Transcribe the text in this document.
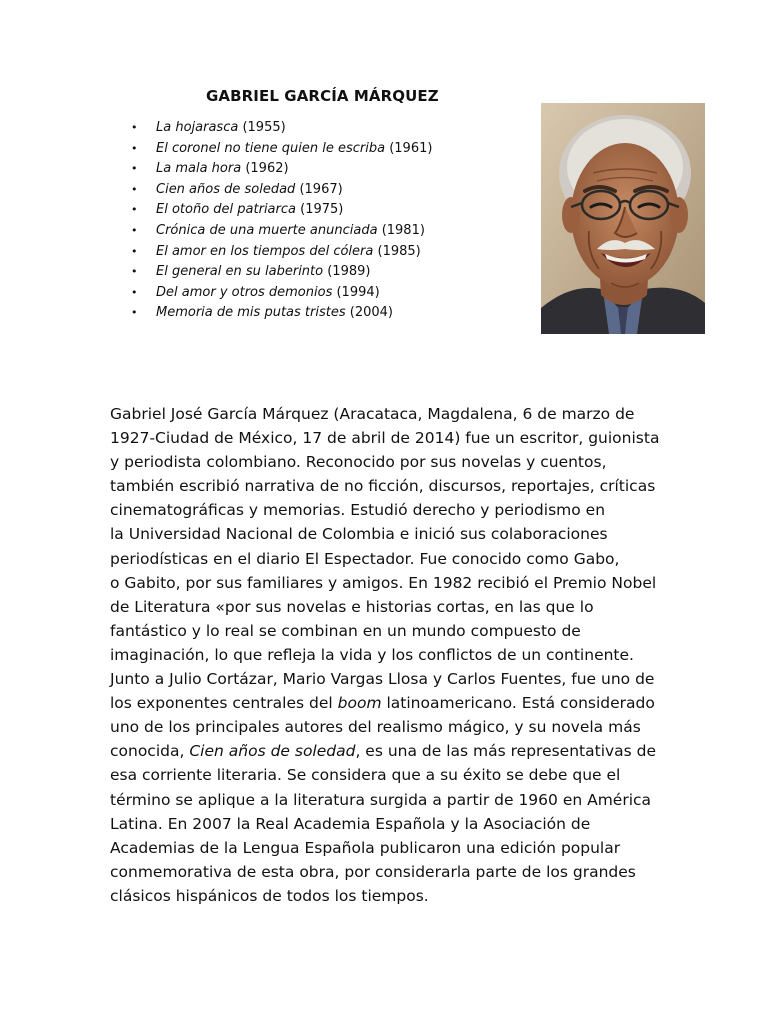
GABRIEL GARCÍA MÁRQUEZ
• La hojarasca (1955)
• El coronel no tiene quien le escriba (1961)
• La mala hora (1962)
• Cien años de soledad (1967)
• El otoño del patriarca (1975)
• Crónica de una muerte anunciada (1981)
• El amor en los tiempos del cólera (1985)
• El general en su laberinto (1989)
• Del amor y otros demonios (1994)
• Memoria de mis putas tristes (2004)
Gabriel José García Márquez (Aracataca, Magdalena, 6 de marzo de
1927-Ciudad de México, 17 de abril de 2014) fue un escritor, guionista
y periodista colombiano. Reconocido por sus novelas y cuentos,
también escribió narrativa de no ficción, discursos, reportajes, críticas
cinematográficas y memorias. Estudió derecho y periodismo en
la Universidad Nacional de Colombia e inició sus colaboraciones
periodísticas en el diario El Espectador. Fue conocido como Gabo,
o Gabito, por sus familiares y amigos. En 1982 recibió el Premio Nobel
de Literatura «por sus novelas e historias cortas, en las que lo
fantástico y lo real se combinan en un mundo compuesto de
imaginación, lo que refleja la vida y los conflictos de un continente.
Junto a Julio Cortázar, Mario Vargas Llosa y Carlos Fuentes, fue uno de
los exponentes centrales del boom latinoamericano. Está considerado
uno de los principales autores del realismo mágico, y su novela más
conocida, Cien años de soledad, es una de las más representativas de
esa corriente literaria. Se considera que a su éxito se debe que el
término se aplique a la literatura surgida a partir de 1960 en América
Latina. En 2007 la Real Academia Española y la Asociación de
Academias de la Lengua Española publicaron una edición popular
conmemorativa de esta obra, por considerarla parte de los grandes
clásicos hispánicos de todos los tiempos.
